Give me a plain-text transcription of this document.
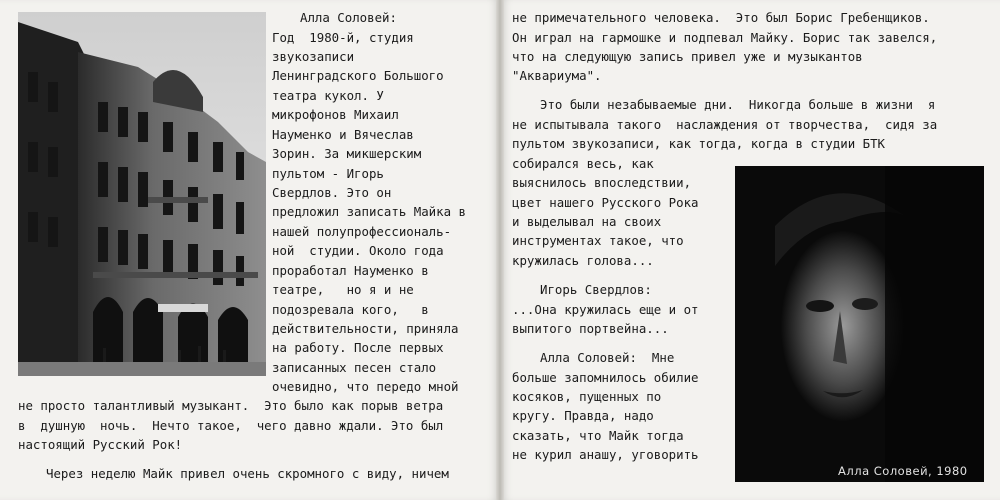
Алла Соловей:
Год  1980-й, студия
звукозаписи
Ленинградского Большого
театра кукол. У
микрофонов Михаил
Науменко и Вячеслав
Зорин. За микшерским
пультом - Игорь
Свердлов. Это он
предложил записать Майка в
нашей полупрофессиональ-
ной  студии. Около года
проработал Науменко в
театре,   но я и не
подозревала кого,   в
действительности, приняла
на работу. После первых
записанных песен стало
очевидно, что передо мной
не просто талантливый музыкант.  Это было как порыв ветра
в  душную  ночь.  Нечто такое,  чего давно ждали. Это был
настоящий Русский Рок!
Через неделю Майк привел очень скромного с виду, ничем
не примечательного человека.  Это был Борис Гребенщиков.
Он играл на гармошке и подпевал Майку. Борис так завелся,
что на следующую запись привел уже и музыкантов
"Аквариума".
Это были незабываемые дни.  Никогда больше в жизни  я
не испытывала такого  наслаждения от творчества,  сидя за
пультом звукозаписи, как тогда, когда в студии БТК
собирался весь, как
выяснилось впоследствии,
цвет нашего Русского Рока
и выделывал на своих
инструментах такое, что
кружилась голова...
Игорь Свердлов:
...Она кружилась еще и от
выпитого портвейна...
Алла Соловей:  Мне
больше запомнилось обилие
косяков, пущенных по
кругу. Правда, надо
сказать, что Майк тогда
не курил анашу, уговорить
Алла Соловей, 1980
